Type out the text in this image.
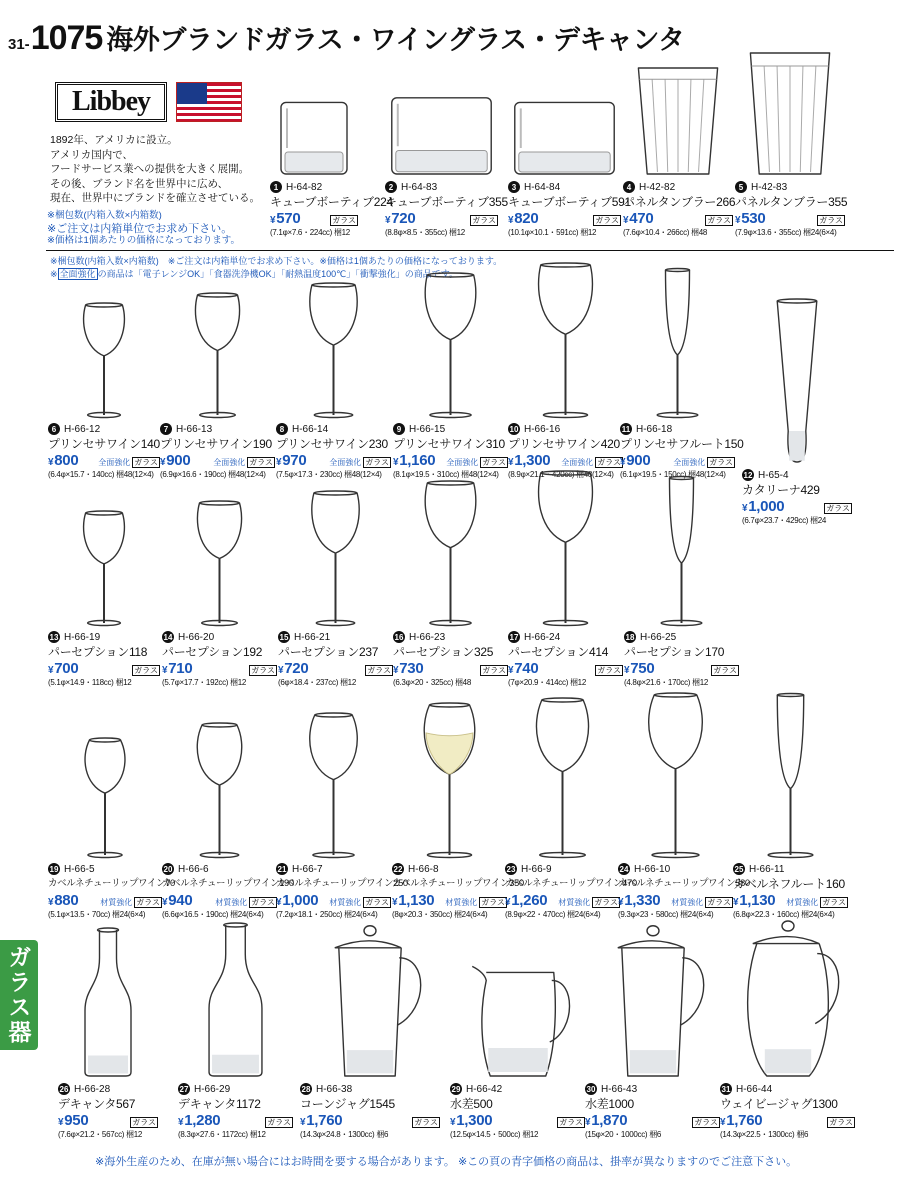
31- 1075 海外ブランドガラス・ワイングラス・デキャンタ
Libbey

1892年、アメリカに設立。

アメリカ国内で、

フードサービス業への提供を大きく展開。

その後、ブランド名を世界中に広め、

現在、世界中にブランドを確立させている。

※梱包数(内箱入数×内箱数)

※ご注文は内箱単位でお求め下さい。

※価格は1個あたりの価格になっております。

※梱包数(内箱入数×内箱数)　※ご注文は内箱単位でお求め下さい。※価格は1個あたりの価格になっております。
※ 全面強化 の商品は「電子レンジOK」「食器洗浄機OK」「耐熱温度100℃」「衝撃強化」の商品です。
ガラス器
1 H-64-82
キューブボーティブ224
¥570	ガラス
(7.1φ×7.6・224cc) 梱12
2 H-64-83
キューブボーティブ355
¥720	ガラス
(8.8φ×8.5・355cc) 梱12
3 H-64-84
キューブボーティブ591
¥820	ガラス
(10.1φ×10.1・591cc) 梱12
4 H-42-82
パネルタンブラー266
¥470	ガラス
(7.6φ×10.4・266cc) 梱48
5 H-42-83
パネルタンブラー355
¥530	ガラス
(7.9φ×13.6・355cc) 梱24(6×4)
6 H-66-12
プリンセサワイン140
¥800 全面強化 ガラス
(6.4φ×15.7・140cc) 梱48(12×4)
7 H-66-13
プリンセサワイン190
¥900	全面強化 ガラス
(6.9φ×16.6・190cc) 梱48(12×4)
8 H-66-14
プリンセサワイン230
¥970	全面強化 ガラス
(7.5φ×17.3・230cc) 梱48(12×4)
9 H-66-15
プリンセサワイン310
¥1,160 全面強化 ガラス
(8.1φ×19.5・310cc) 梱48(12×4)
10 H-66-16
プリンセサワイン420
¥1,300 全面強化 ガラス
(8.9φ×21.1・420cc) 梱48(12×4)
11 H-66-18
プリンセサフルート150
¥900	全面強化 ガラス
(6.1φ×19.5・150cc) 梱48(12×4)	12 H-65-4
カタリーナ429
¥1,000	ガラス
(6.7φ×23.7・429cc) 梱24
13 H-66-19
パーセプション118
¥700	ガラス
(5.1φ×14.9・118cc) 梱12
14 H-66-20
パーセプション192
¥710	ガラス
(5.7φ×17.7・192cc) 梱12
15 H-66-21
パーセプション237
¥720	ガラス
(6φ×18.4・237cc) 梱12
16 H-66-23
パーセプション325
¥730	ガラス
(6.3φ×20・325cc) 梱48
17 H-66-24
パーセプション414
¥740	ガラス
(7φ×20.9・414cc) 梱12
18 H-66-25
パーセプション170
¥750	ガラス
(4.8φ×21.6・170cc) 梱12
19 H-66-5
カベルネチューリップワイン70
¥880	材質強化 ガラス
(5.1φ×13.5・70cc) 梱24(6×4)
20 H-66-6
カベルネチューリップワイン190
¥940	材質強化 ガラス
(6.6φ×16.5・190cc) 梱24(6×4)
21 H-66-7
カベルネチューリップワイン250
¥1,000 材質強化 ガラス
(7.2φ×18.1・250cc) 梱24(6×4)
22 H-66-8
カベルネチューリップワイン350
¥1,130 材質強化 ガラス
(8φ×20.3・350cc) 梱24(6×4)
23 H-66-9
カベルネチューリップワイン470
¥1,260 材質強化 ガラス
(8.9φ×22・470cc) 梱24(6×4)
24 H-66-10
カベルネチューリップワイン580
¥1,330 材質強化 ガラス
(9.3φ×23・580cc) 梱24(6×4)
25 H-66-11
カベルネフルート160
¥1,130 材質強化 ガラス
(6.8φ×22.3・160cc) 梱24(6×4)
26 H-66-28
デキャンタ567
¥950	ガラス
(7.6φ×21.2・567cc) 梱12
27 H-66-29
デキャンタ1172
¥1,280	ガラス
(8.3φ×27.6・1172cc) 梱12
28 H-66-38
コーンジャグ1545
¥1,760	ガラス
(14.3φ×24.8・1300cc) 梱6
29 H-66-42
水差500
¥1,300	ガラス
(12.5φ×14.5・500cc) 梱12
30 H-66-43
水差1000
¥1,870	ガラス
(15φ×20・1000cc) 梱6
31 H-66-44
ウェイビージャグ1300
¥1,760	ガラス
(14.3φ×22.5・1300cc) 梱6
※海外生産のため、在庫が無い場合にはお時間を要する場合があります。 ※この頁の青字価格の商品は、掛率が異なりますのでご注意下さい。
